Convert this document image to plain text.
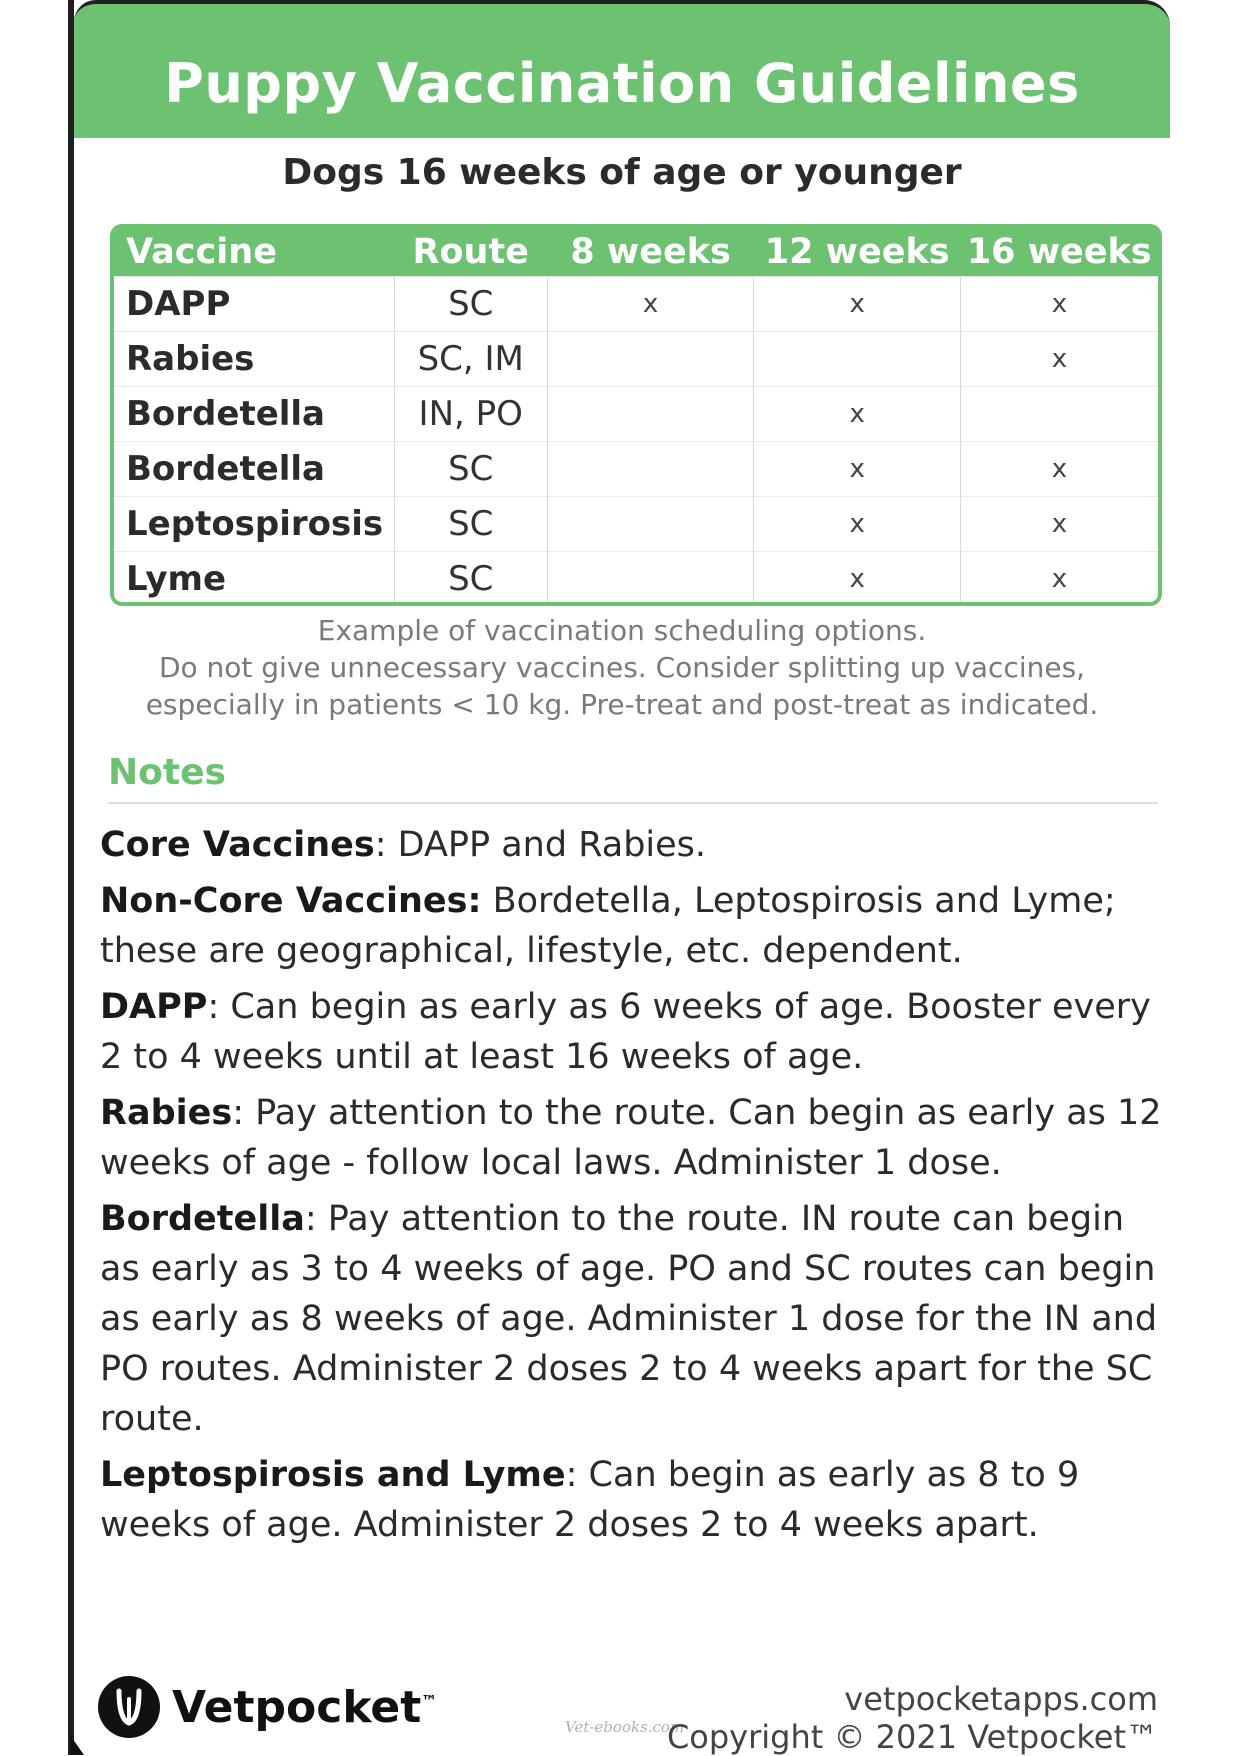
Puppy Vaccination Guidelines
Dogs 16 weeks of age or younger
Vaccine	Route	8 weeks	12 weeks	16 weeks
DAPP	SC	x	x	x
Rabies	SC, IM			x
Bordetella	IN, PO		x	
Bordetella	SC		x	x
Leptospirosis	SC		x	x
Lyme	SC		x	x
Example of vaccination scheduling options.
Do not give unnecessary vaccines. Consider splitting up vaccines,
especially in patients < 10 kg. Pre-treat and post-treat as indicated.
Notes

Core Vaccines: DAPP and Rabies.

Non-Core Vaccines: Bordetella, Leptospirosis and Lyme; these are geographical, lifestyle, etc. dependent.

DAPP: Can begin as early as 6 weeks of age. Booster every 2 to 4 weeks until at least 16 weeks of age.

Rabies: Pay attention to the route. Can begin as early as 12 weeks of age - follow local laws. Administer 1 dose.

Bordetella: Pay attention to the route. IN route can begin as early as 3 to 4 weeks of age. PO and SC routes can begin as early as 8 weeks of age. Administer 1 dose for the IN and PO routes. Administer 2 doses 2 to 4 weeks apart for the SC route.

Leptospirosis and Lyme: Can begin as early as 8 to 9 weeks of age. Administer 2 doses 2 to 4 weeks apart.

Vetpocket™
Vet-ebooks.com
vetpocketapps.com
Copyright © 2021 Vetpocket™
